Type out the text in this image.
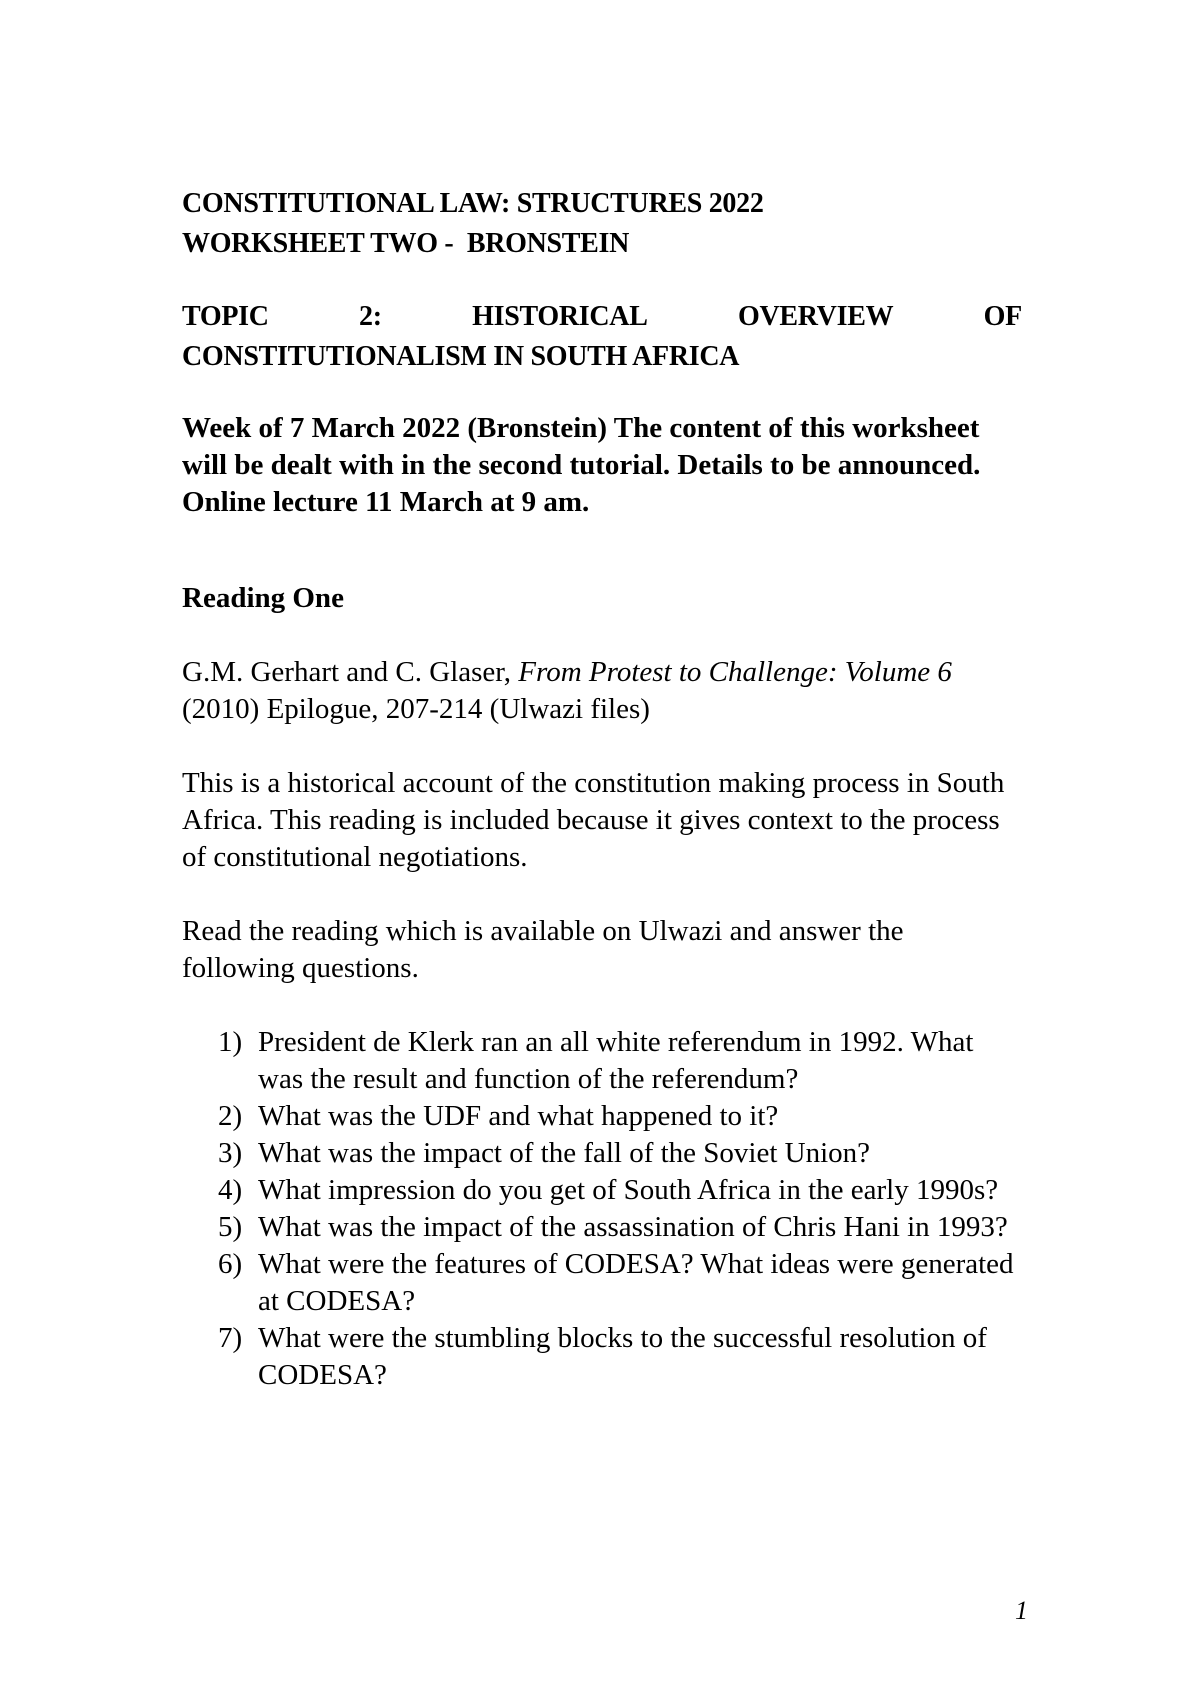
CONSTITUTIONAL LAW: STRUCTURES 2022

WORKSHEET TWO -  BRONSTEIN

TOPIC	2:	HISTORICAL	OVERVIEW	OF

CONSTITUTIONALISM IN SOUTH AFRICA

Week of 7 March 2022 (Bronstein) The content of this worksheet will be dealt with in the second tutorial. Details to be announced. Online lecture 11 March at 9 am.

Reading One

G.M. Gerhart and C. Glaser, From Protest to Challenge: Volume 6 (2010) Epilogue, 207-214 (Ulwazi files)

This is a historical account of the constitution making process in South Africa. This reading is included because it gives context to the process of constitutional negotiations.

Read the reading which is available on Ulwazi and answer the following questions.

1) President de Klerk ran an all white referendum in 1992. What was the result and function of the referendum?
2) What was the UDF and what happened to it?
3) What was the impact of the fall of the Soviet Union?
4) What impression do you get of South Africa in the early 1990s?
5) What was the impact of the assassination of Chris Hani in 1993?
6) What were the features of CODESA? What ideas were generated at CODESA?
7) What were the stumbling blocks to the successful resolution of CODESA?
1
